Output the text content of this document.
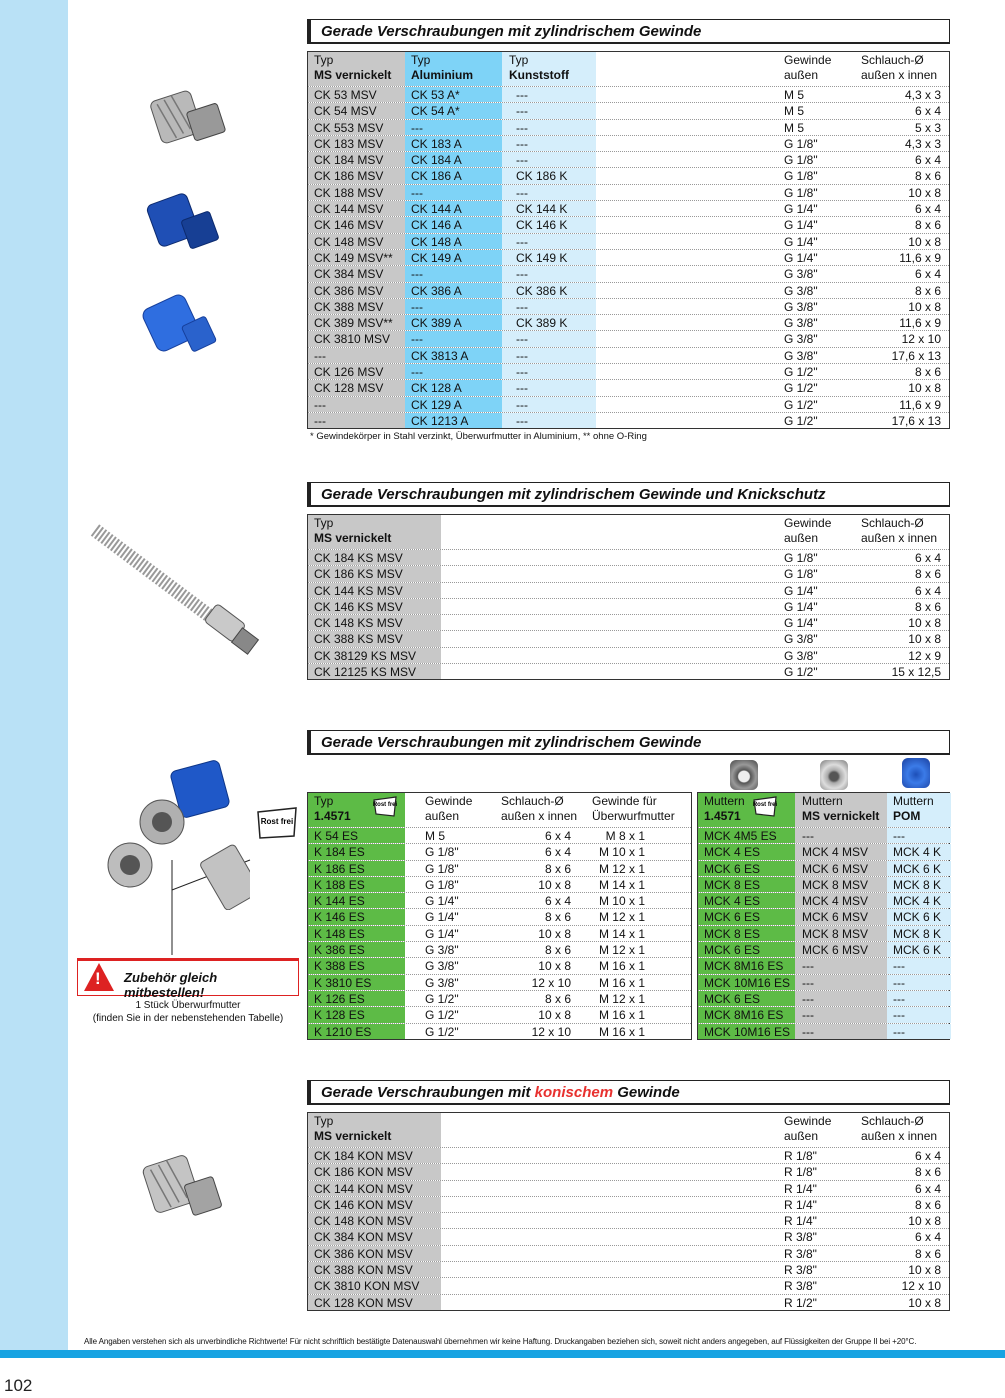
Gerade Verschraubungen mit zylindrischem Gewinde
Typ
MS vernickelt
Typ
Aluminium
Typ
Kunststoff
Gewinde
außen
Schlauch-Ø
außen x innen
CK 53 MSV	CK 53 A*	---	M 5	4,3 x 3
CK 54 MSV	CK 54 A*	---	M 5	6 x 4
CK 553 MSV	---	---	M 5	5 x 3
CK 183 MSV	CK 183 A	---	G 1/8"	4,3 x 3
CK 184 MSV	CK 184 A	---	G 1/8"	6 x 4
CK 186 MSV	CK 186 A	CK 186 K	G 1/8"	8 x 6
CK 188 MSV	---	---	G 1/8"	10 x 8
CK 144 MSV	CK 144 A	CK 144 K	G 1/4"	6 x 4
CK 146 MSV	CK 146 A	CK 146 K	G 1/4"	8 x 6
CK 148 MSV	CK 148 A	---	G 1/4"	10 x 8
CK 149 MSV**	CK 149 A	CK 149 K	G 1/4"	11,6 x 9
CK 384 MSV	---	---	G 3/8"	6 x 4
CK 386 MSV	CK 386 A	CK 386 K	G 3/8"	8 x 6
CK 388 MSV	---	---	G 3/8"	10 x 8
CK 389 MSV**	CK 389 A	CK 389 K	G 3/8"	11,6 x 9
CK 3810 MSV	---	---	G 3/8"	12 x 10
---	CK 3813 A	---	G 3/8"	17,6 x 13
CK 126 MSV	---	---	G 1/2"	8 x 6
CK 128 MSV	CK 128 A	---	G 1/2"	10 x 8
---	CK 129 A	---	G 1/2"	11,6 x 9
---	CK 1213 A	---	G 1/2"	17,6 x 13
* Gewindekörper in Stahl verzinkt, Überwurfmutter in Aluminium, ** ohne O-Ring
Gerade Verschraubungen mit zylindrischem Gewinde und Knickschutz
Typ
MS vernickelt
Gewinde
außen
Schlauch-Ø
außen x innen
CK 184 KS MSV	G 1/8"	6 x 4
CK 186 KS MSV	G 1/8"	8 x 6
CK 144 KS MSV	G 1/4"	6 x 4
CK 146 KS MSV	G 1/4"	8 x 6
CK 148 KS MSV	G 1/4"	10 x 8
CK 388 KS MSV	G 3/8"	10 x 8
CK 38129 KS MSV	G 3/8"	12 x 9
CK 12125 KS MSV	G 1/2"	15 x 12,5
Gerade Verschraubungen mit zylindrischem Gewinde
Typ
1.4571
Gewinde
außen
Schlauch-Ø
außen x innen
Gewinde für
Überwurfmutter
K 54 ES	M 5	6 x 4	M 8 x 1
K 184 ES	G 1/8"	6 x 4	M 10 x 1
K 186 ES	G 1/8"	8 x 6	M 12 x 1
K 188 ES	G 1/8"	10 x 8	M 14 x 1
K 144 ES	G 1/4"	6 x 4	M 10 x 1
K 146 ES	G 1/4"	8 x 6	M 12 x 1
K 148 ES	G 1/4"	10 x 8	M 14 x 1
K 386 ES	G 3/8"	8 x 6	M 12 x 1
K 388 ES	G 3/8"	10 x 8	M 16 x 1
K 3810 ES	G 3/8"	12 x 10	M 16 x 1
K 126 ES	G 1/2"	8 x 6	M 12 x 1
K 128 ES	G 1/2"	10 x 8	M 16 x 1
K 1210 ES	G 1/2"	12 x 10	M 16 x 1
Muttern
1.4571
Muttern
MS vernickelt
Muttern
POM
MCK 4M5 ES	---	---
MCK 4 ES	MCK 4 MSV	MCK 4 K
MCK 6 ES	MCK 6 MSV	MCK 6 K
MCK 8 ES	MCK 8 MSV	MCK 8 K
MCK 4 ES	MCK 4 MSV	MCK 4 K
MCK 6 ES	MCK 6 MSV	MCK 6 K
MCK 8 ES	MCK 8 MSV	MCK 8 K
MCK 6 ES	MCK 6 MSV	MCK 6 K
MCK 8M16 ES	---	---
MCK 10M16 ES ---	---
MCK 6 ES	---	---
MCK 8M16 ES	---	---
MCK 10M16 ES ---	---
Rost frei	Rost frei
Rost frei
! Zubehör gleich mitbestellen!
1 Stück Überwurfmutter
(finden Sie in der nebenstehenden Tabelle)
Gerade Verschraubungen mit konischem Gewinde
Typ
MS vernickelt
Gewinde
außen
Schlauch-Ø
außen x innen
CK 184 KON MSV	R 1/8"	6 x 4
CK 186 KON MSV	R 1/8"	8 x 6
CK 144 KON MSV	R 1/4"	6 x 4
CK 146 KON MSV	R 1/4"	8 x 6
CK 148 KON MSV	R 1/4"	10 x 8
CK 384 KON MSV	R 3/8"	6 x 4
CK 386 KON MSV	R 3/8"	8 x 6
CK 388 KON MSV	R 3/8"	10 x 8
CK 3810 KON MSV	R 3/8"	12 x 10
CK 128 KON MSV	R 1/2"	10 x 8
Alle Angaben verstehen sich als unverbindliche Richtwerte! Für nicht schriftlich bestätigte Datenauswahl übernehmen wir keine Haftung. Druckangaben beziehen sich, soweit nicht anders angegeben, auf Flüssigkeiten der Gruppe II bei +20°C.
102
